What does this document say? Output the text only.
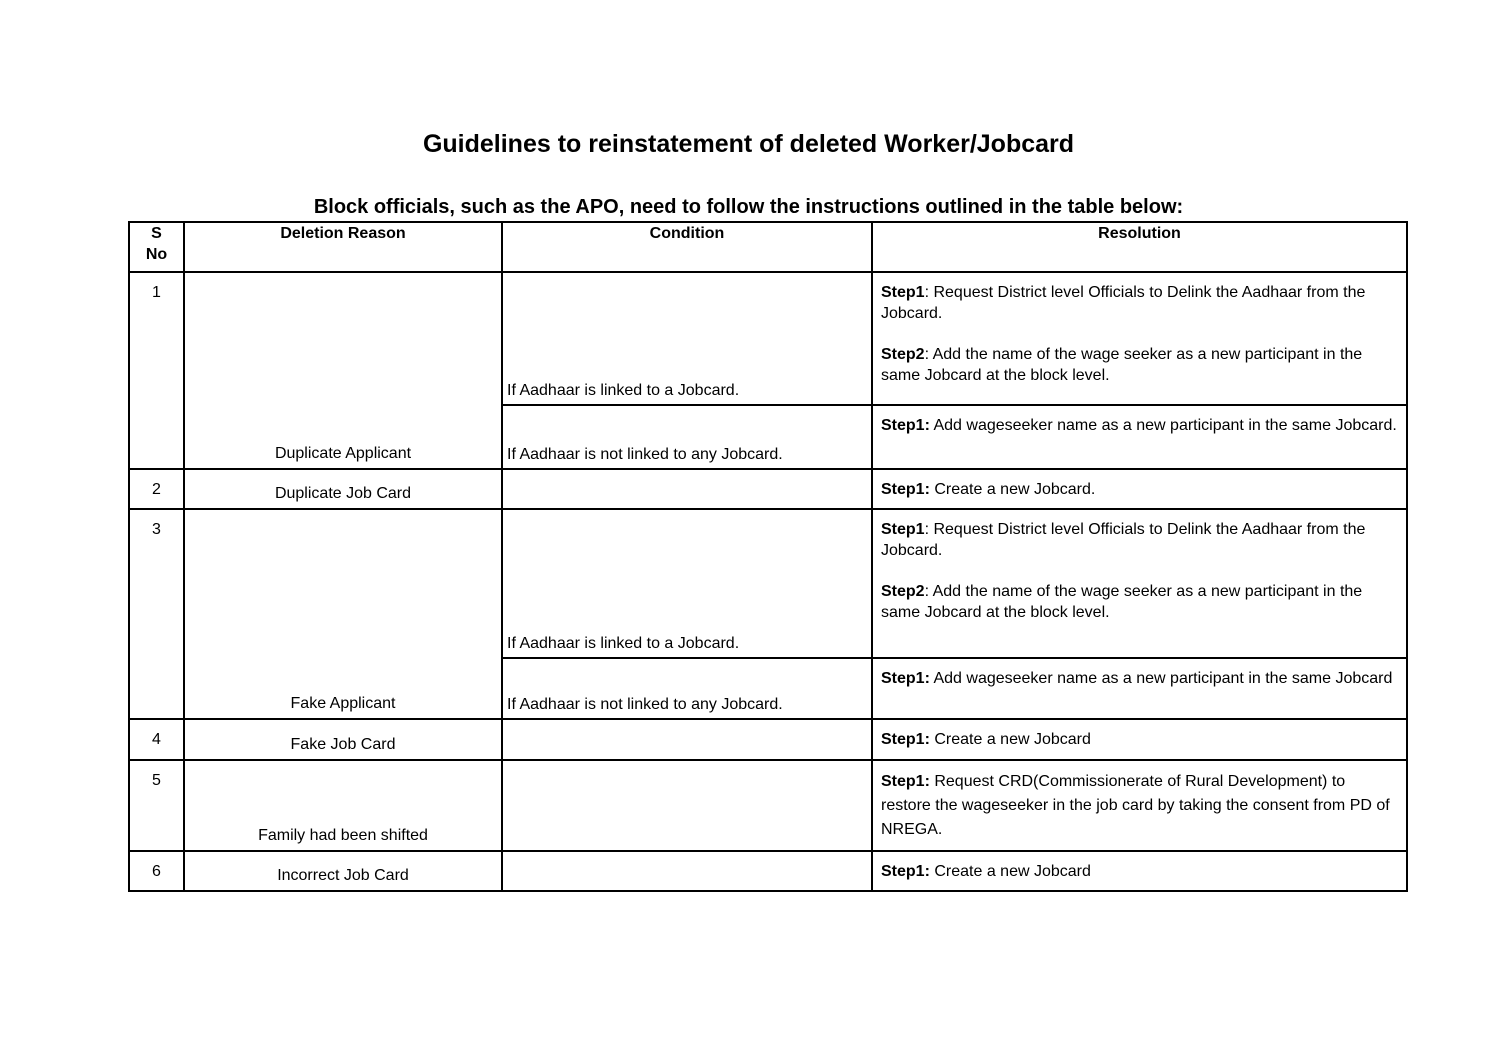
Guidelines to reinstatement of deleted Worker/Jobcard
Block officials, such as the APO, need to follow the instructions outlined in the table below:
S No	Deletion Reason	Condition	Resolution
1	Duplicate Applicant	If Aadhaar is linked to a Jobcard.	Step1: Request District level Officials to Delink the Aadhaar from the Jobcard.

Step2: Add the name of the wage seeker as a new participant in the same Jobcard at the block level.

		If Aadhaar is not linked to any Jobcard.	Step1: Add wageseeker name as a new participant in the same Jobcard.

2	Duplicate Job Card		Step1: Create a new Jobcard.

3	Fake Applicant	If Aadhaar is linked to a Jobcard.	Step1: Request District level Officials to Delink the Aadhaar from the Jobcard.

Step2: Add the name of the wage seeker as a new participant in the same Jobcard at the block level.

		If Aadhaar is not linked to any Jobcard.	Step1: Add wageseeker name as a new participant in the same Jobcard

4	Fake Job Card		Step1: Create a new Jobcard

5	Family had been shifted		Step1: Request CRD(Commissionerate of Rural Development) to restore the wageseeker in the job card by taking the consent from PD of NREGA.

6	Incorrect Job Card		Step1: Create a new Jobcard
